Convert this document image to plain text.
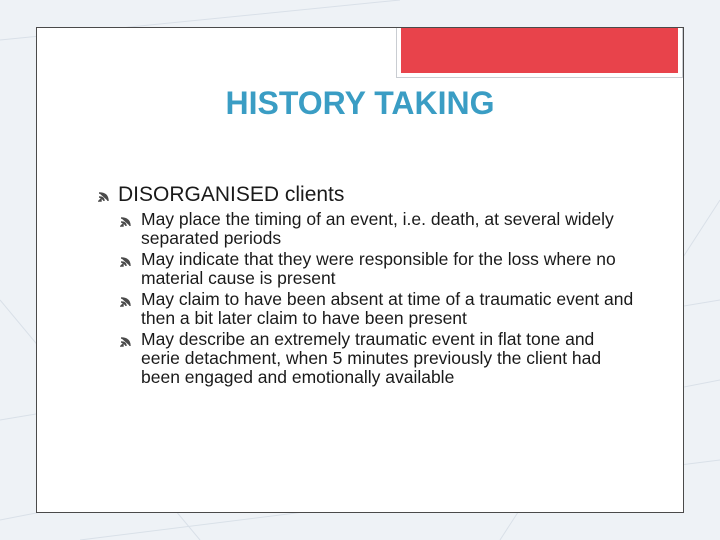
HISTORY TAKING
DISORGANISED clients
May place the timing of an event, i.e. death, at several widely separated periods
May indicate that they were responsible for the loss where no material cause is present
May claim to have been absent at time of a traumatic event and then a bit later claim to have been present
May describe an extremely traumatic event in flat tone and eerie detachment, when 5 minutes previously the client had been engaged and emotionally available
